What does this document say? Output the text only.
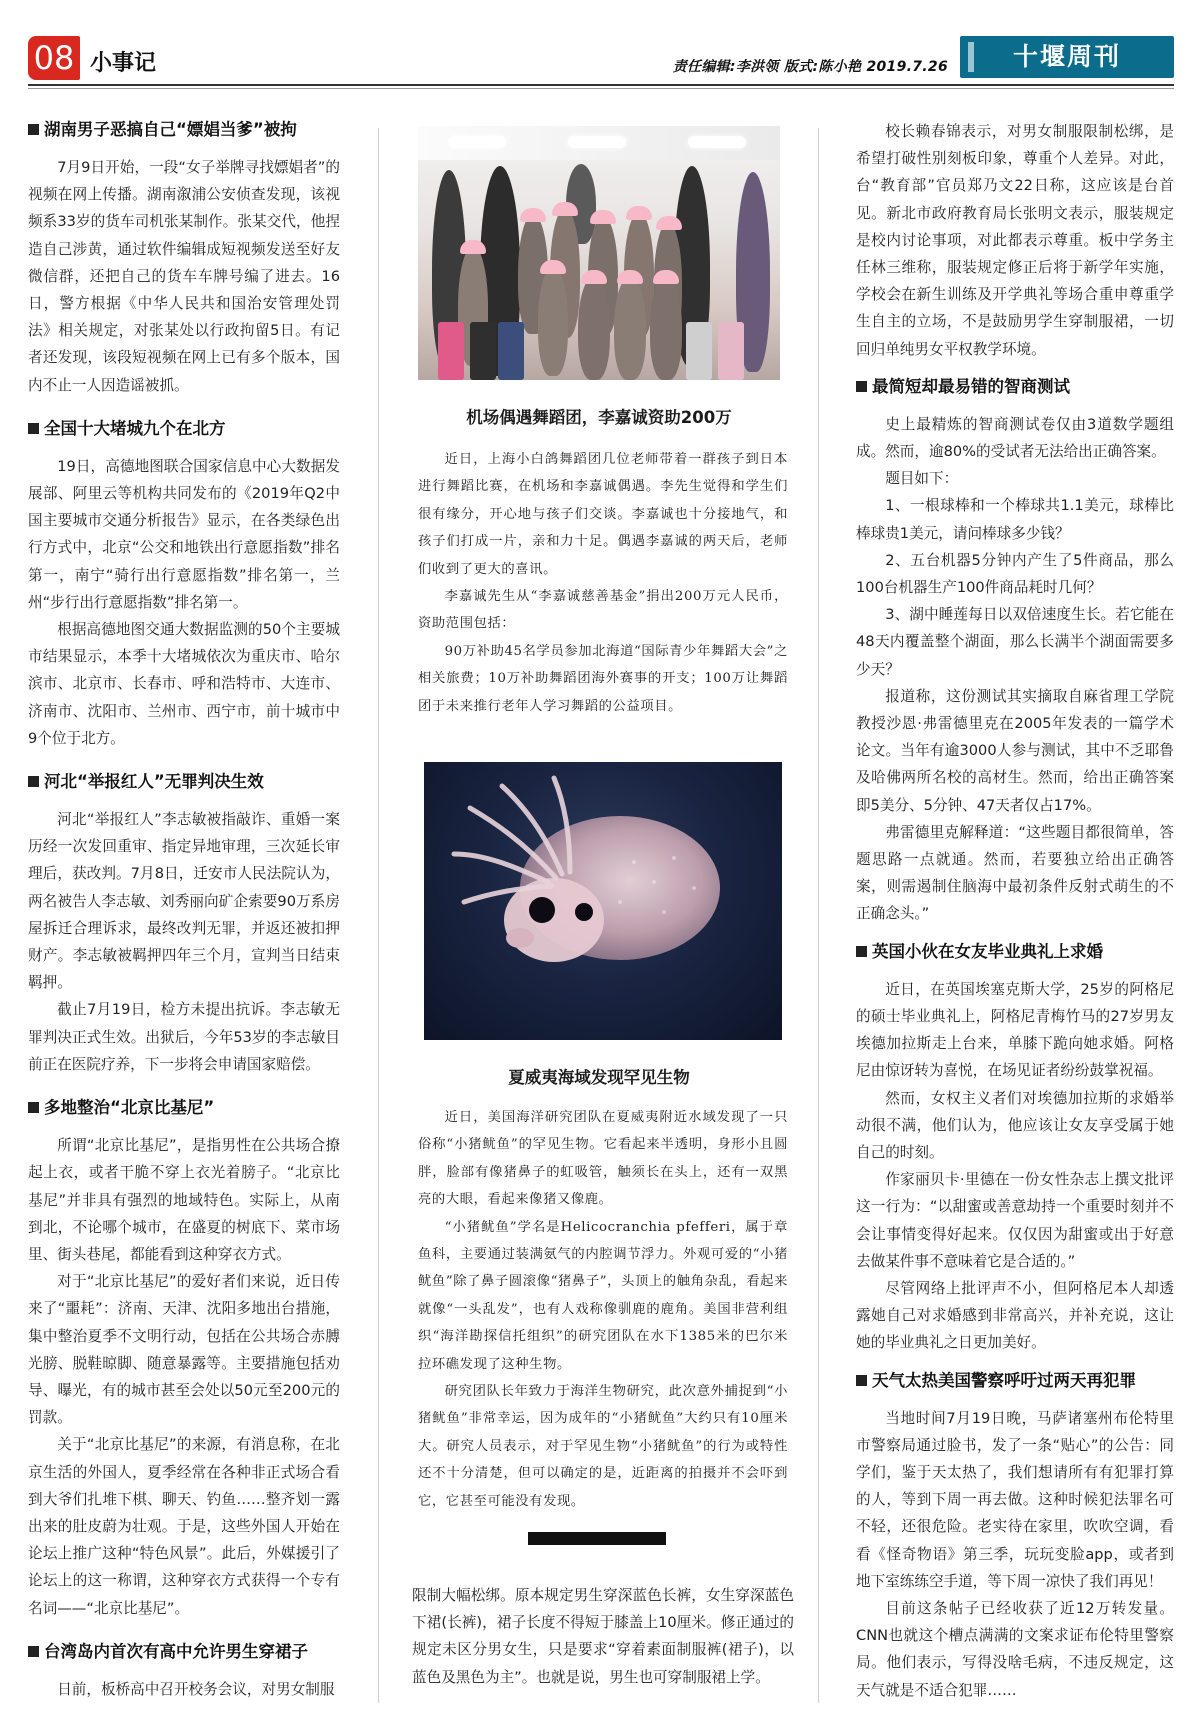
08 小事记	责任编辑:李洪领 版式:陈小艳 2019.7.26	十堰周刊
湖南男子恶搞自己“嫖娼当爹”被拘

7月9日开始，一段“女子举牌寻找嫖娼者”的视频在网上传播。湖南溆浦公安侦查发现，该视频系33岁的货车司机张某制作。张某交代，他捏造自己涉黄，通过软件编辑成短视频发送至好友微信群，还把自己的货车车牌号编了进去。16日，警方根据《中华人民共和国治安管理处罚法》相关规定，对张某处以行政拘留5日。有记者还发现，该段短视频在网上已有多个版本，国内不止一人因造谣被抓。

全国十大堵城九个在北方

19日，高德地图联合国家信息中心大数据发展部、阿里云等机构共同发布的《2019年Q2中国主要城市交通分析报告》显示，在各类绿色出行方式中，北京“公交和地铁出行意愿指数”排名第一，南宁“骑行出行意愿指数”排名第一，兰州“步行出行意愿指数”排名第一。

根据高德地图交通大数据监测的50个主要城市结果显示，本季十大堵城依次为重庆市、哈尔滨市、北京市、长春市、呼和浩特市、大连市、济南市、沈阳市、兰州市、西宁市，前十城市中9个位于北方。

河北“举报红人”无罪判决生效

河北“举报红人”李志敏被指敲诈、重婚一案历经一次发回重审、指定异地审理，三次延长审理后，获改判。7月8日，迁安市人民法院认为，两名被告人李志敏、刘秀丽向矿企索要90万系房屋拆迁合理诉求，最终改判无罪，并返还被扣押财产。李志敏被羁押四年三个月，宣判当日结束羁押。

截止7月19日，检方未提出抗诉。李志敏无罪判决正式生效。出狱后，今年53岁的李志敏目前正在医院疗养，下一步将会申请国家赔偿。

多地整治“北京比基尼”

所谓“北京比基尼”，是指男性在公共场合撩起上衣，或者干脆不穿上衣光着膀子。“北京比基尼”并非具有强烈的地域特色。实际上，从南到北，不论哪个城市，在盛夏的树底下、菜市场里、街头巷尾，都能看到这种穿衣方式。

对于“北京比基尼”的爱好者们来说，近日传来了“噩耗”：济南、天津、沈阳多地出台措施，集中整治夏季不文明行动，包括在公共场合赤膊光膀、脱鞋晾脚、随意暴露等。主要措施包括劝导、曝光，有的城市甚至会处以50元至200元的罚款。

关于“北京比基尼”的来源，有消息称，在北京生活的外国人，夏季经常在各种非正式场合看到大爷们扎堆下棋、聊天、钓鱼……整齐划一露出来的肚皮蔚为壮观。于是，这些外国人开始在论坛上推广这种“特色风景”。此后，外媒援引了论坛上的这一称谓，这种穿衣方式获得一个专有名词——“北京比基尼”。

台湾岛内首次有高中允许男生穿裙子

日前，板桥高中召开校务会议，对男女制服

机场偶遇舞蹈团，李嘉诚资助200万

近日，上海小白鸽舞蹈团几位老师带着一群孩子到日本进行舞蹈比赛，在机场和李嘉诚偶遇。李先生觉得和学生们很有缘分，开心地与孩子们交谈。李嘉诚也十分接地气，和孩子们打成一片，亲和力十足。偶遇李嘉诚的两天后，老师们收到了更大的喜讯。

李嘉诚先生从“李嘉诚慈善基金”捐出200万元人民币，资助范围包括：

90万补助45名学员参加北海道“国际青少年舞蹈大会”之相关旅费；10万补助舞蹈团海外赛事的开支；100万让舞蹈团于未来推行老年人学习舞蹈的公益项目。

夏威夷海域发现罕见生物

近日，美国海洋研究团队在夏威夷附近水域发现了一只俗称“小猪鱿鱼”的罕见生物。它看起来半透明，身形小且圆胖，脸部有像猪鼻子的虹吸管，触须长在头上，还有一双黑亮的大眼，看起来像猪又像鹿。

“小猪鱿鱼”学名是Helicocranchia pfefferi，属于章鱼科，主要通过装满氨气的内腔调节浮力。外观可爱的“小猪鱿鱼”除了鼻子圆滚像“猪鼻子”，头顶上的触角杂乱，看起来就像“一头乱发”，也有人戏称像驯鹿的鹿角。美国非营利组织“海洋勘探信托组织”的研究团队在水下1385米的巴尔米拉环礁发现了这种生物。

研究团队长年致力于海洋生物研究，此次意外捕捉到“小猪鱿鱼”非常幸运，因为成年的“小猪鱿鱼”大约只有10厘米大。研究人员表示，对于罕见生物“小猪鱿鱼”的行为或特性还不十分清楚，但可以确定的是，近距离的拍摄并不会吓到它，它甚至可能没有发现。

限制大幅松绑。原本规定男生穿深蓝色长裤，女生穿深蓝色下裙(长裤)，裙子长度不得短于膝盖上10厘米。修正通过的规定未区分男女生，只是要求“穿着素面制服裤(裙子)，以蓝色及黑色为主”。也就是说，男生也可穿制服裙上学。

校长赖春锦表示，对男女制服限制松绑，是希望打破性别刻板印象，尊重个人差异。对此，台“教育部”官员郑乃文22日称，这应该是台首见。新北市政府教育局长张明文表示，服装规定是校内讨论事项，对此都表示尊重。板中学务主任林三维称，服装规定修正后将于新学年实施，学校会在新生训练及开学典礼等场合重申尊重学生自主的立场，不是鼓励男学生穿制服裙，一切回归单纯男女平权教学环境。

最简短却最易错的智商测试

史上最精炼的智商测试卷仅由3道数学题组成。然而，逾80%的受试者无法给出正确答案。

题目如下：

1、一根球棒和一个棒球共1.1美元，球棒比棒球贵1美元，请问棒球多少钱？

2、五台机器5分钟内产生了5件商品，那么100台机器生产100件商品耗时几何？

3、湖中睡莲每日以双倍速度生长。若它能在48天内覆盖整个湖面，那么长满半个湖面需要多少天？

报道称，这份测试其实摘取自麻省理工学院教授沙恩·弗雷德里克在2005年发表的一篇学术论文。当年有逾3000人参与测试，其中不乏耶鲁及哈佛两所名校的高材生。然而，给出正确答案即5美分、5分钟、47天者仅占17%。

弗雷德里克解释道：“这些题目都很简单，答题思路一点就通。然而，若要独立给出正确答案，则需遏制住脑海中最初条件反射式萌生的不正确念头。”

英国小伙在女友毕业典礼上求婚

近日，在英国埃塞克斯大学，25岁的阿格尼的硕士毕业典礼上，阿格尼青梅竹马的27岁男友埃德加拉斯走上台来，单膝下跪向她求婚。阿格尼由惊讶转为喜悦，在场见证者纷纷鼓掌祝福。

然而，女权主义者们对埃德加拉斯的求婚举动很不满，他们认为，他应该让女友享受属于她自己的时刻。

作家丽贝卡·里德在一份女性杂志上撰文批评这一行为：“以甜蜜或善意劫持一个重要时刻并不会让事情变得好起来。仅仅因为甜蜜或出于好意去做某件事不意味着它是合适的。”

尽管网络上批评声不小，但阿格尼本人却透露她自己对求婚感到非常高兴，并补充说，这让她的毕业典礼之日更加美好。

天气太热美国警察呼吁过两天再犯罪

当地时间7月19日晚，马萨诸塞州布伦特里市警察局通过脸书，发了一条“贴心”的公告：同学们，鉴于天太热了，我们想请所有有犯罪打算的人，等到下周一再去做。这种时候犯法罪名可不轻，还很危险。老实待在家里，吹吹空调，看看《怪奇物语》第三季，玩玩变脸app，或者到地下室练练空手道，等下周一凉快了我们再见！

目前这条帖子已经收获了近12万转发量。CNN也就这个槽点满满的文案求证布伦特里警察局。他们表示，写得没啥毛病，不违反规定，这天气就是不适合犯罪……
